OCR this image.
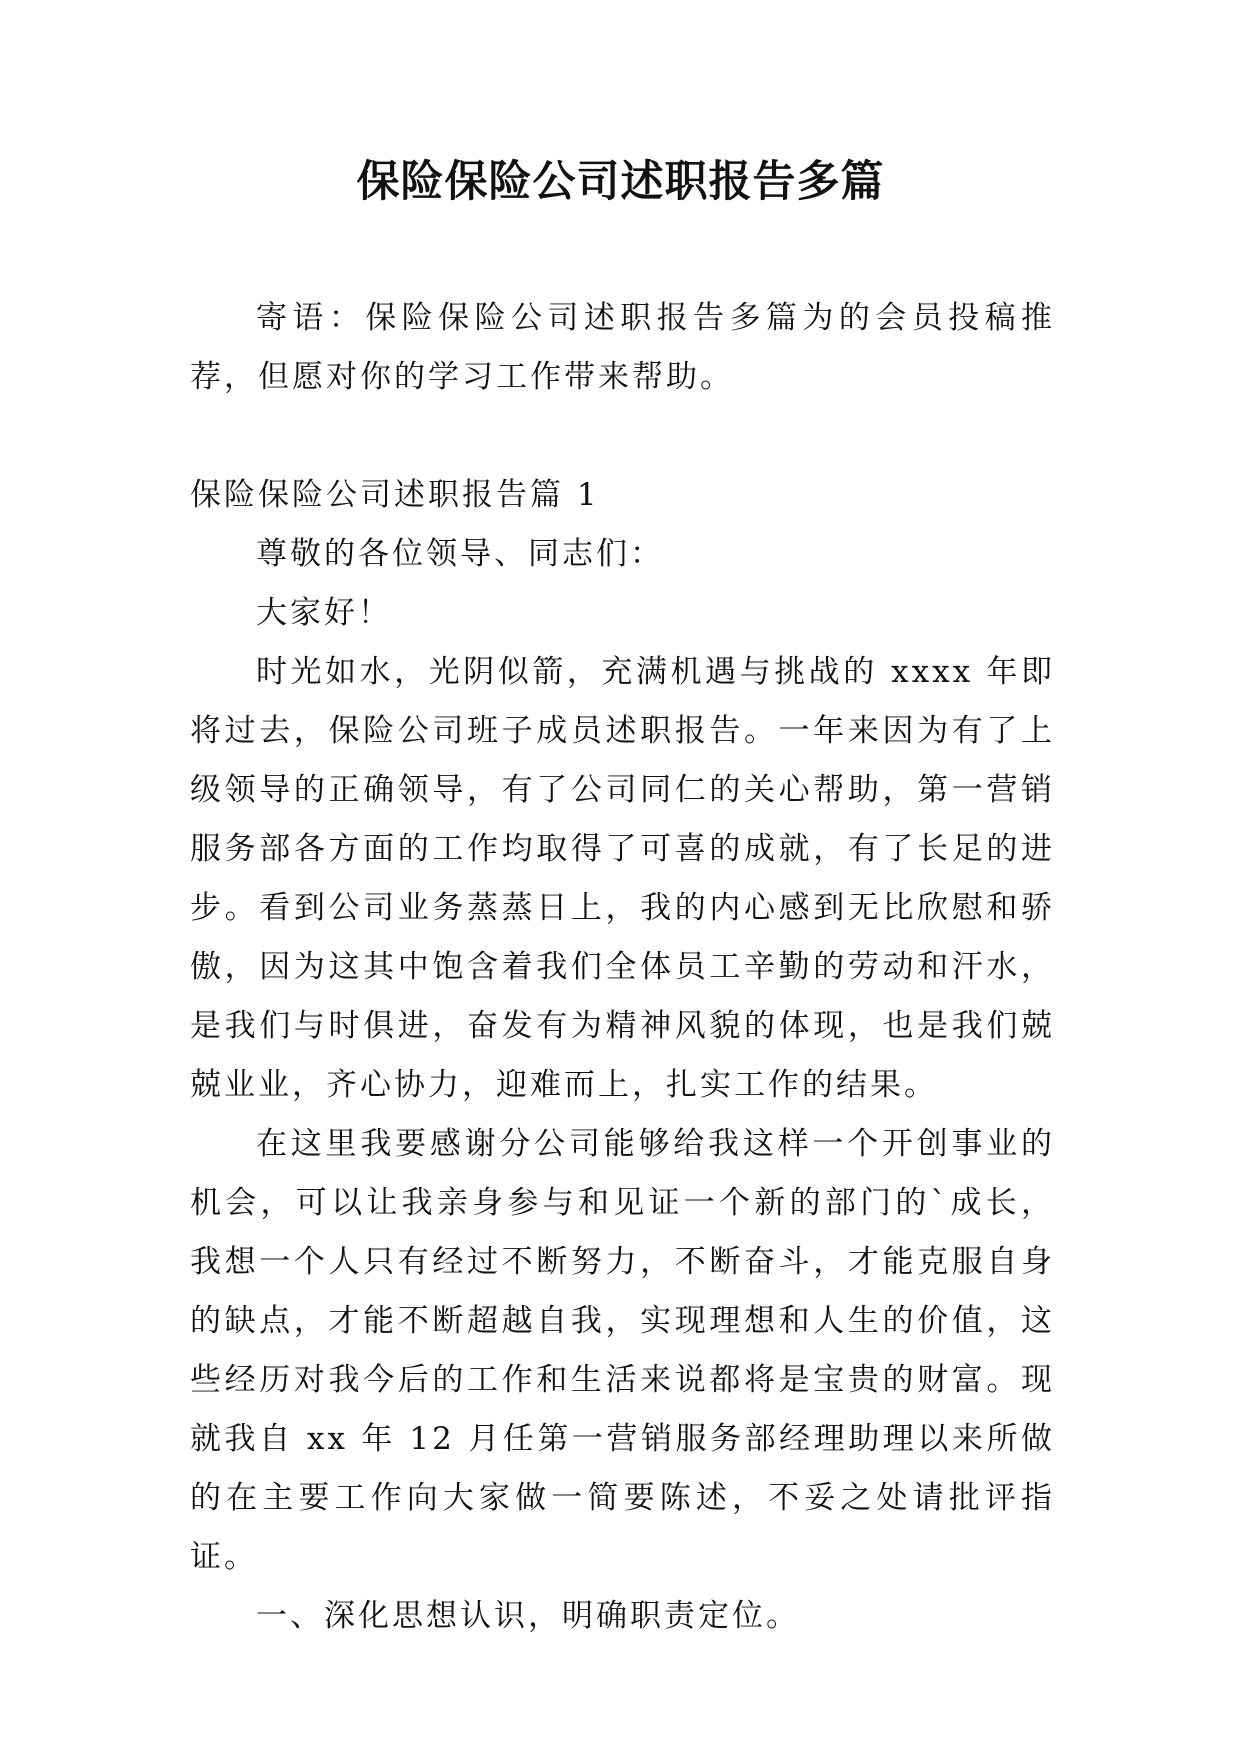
保险保险公司述职报告多篇

寄语：保险保险公司述职报告多篇为的会员投稿推荐，但愿对你的学习工作带来帮助。

保险保险公司述职报告篇 1

尊敬的各位领导、同志们：

大家好！

时光如水，光阴似箭，充满机遇与挑战的 xxxx 年即将过去，保险公司班子成员述职报告。一年来因为有了上级领导的正确领导，有了公司同仁的关心帮助，第一营销服务部各方面的工作均取得了可喜的成就，有了长足的进步。看到公司业务蒸蒸日上，我的内心感到无比欣慰和骄傲，因为这其中饱含着我们全体员工辛勤的劳动和汗水，是我们与时俱进，奋发有为精神风貌的体现，也是我们兢兢业业，齐心协力，迎难而上，扎实工作的结果。

在这里我要感谢分公司能够给我这样一个开创事业的机会，可以让我亲身参与和见证一个新的部门的`成长，我想一个人只有经过不断努力，不断奋斗，才能克服自身的缺点，才能不断超越自我，实现理想和人生的价值，这些经历对我今后的工作和生活来说都将是宝贵的财富。现就我自 xx 年 12 月任第一营销服务部经理助理以来所做的在主要工作向大家做一简要陈述，不妥之处请批评指证。

一、深化思想认识，明确职责定位。
